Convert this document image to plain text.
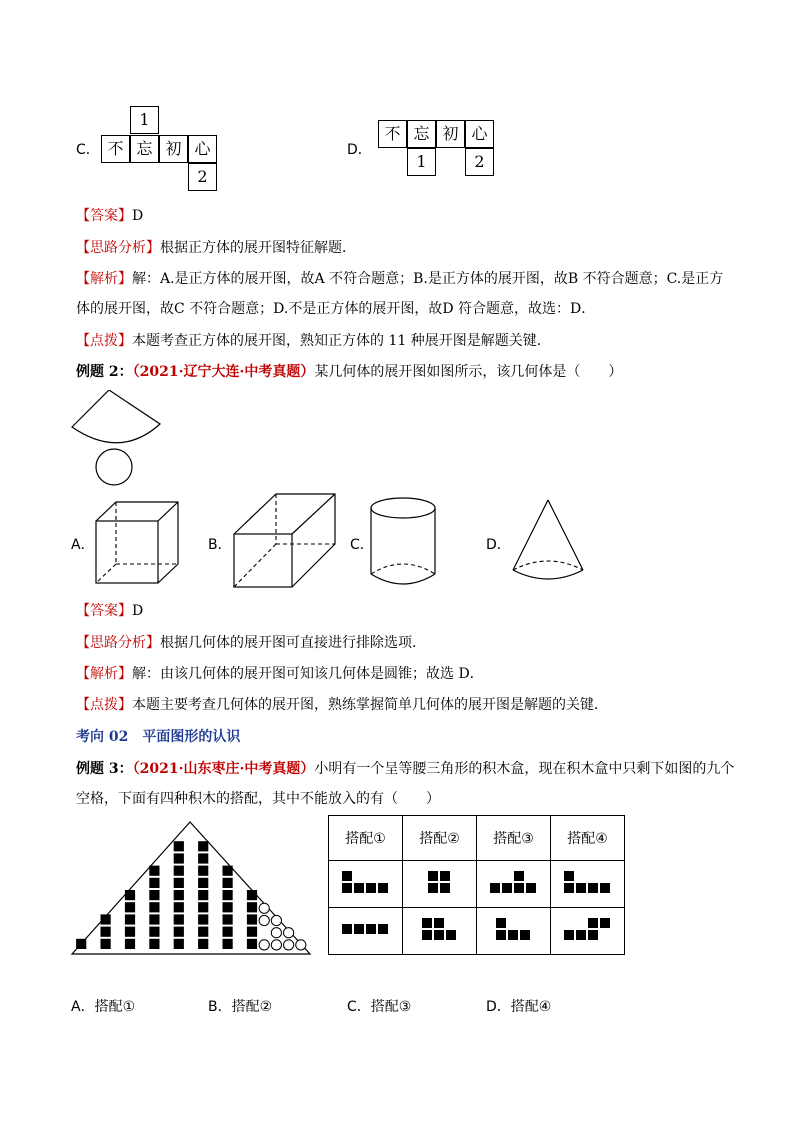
C．
1
不 忘 初 心
2
D．
不 忘 初 心
1	2
【答案】D
【思路分析】根据正方体的展开图特征解题．
【解析】解：A.是正方体的展开图，故A 不符合题意；B.是正方体的展开图，故B 不符合题意；C.是正方
体的展开图，故C 不符合题意；D.不是正方体的展开图，故D 符合题意，故选：D．
【点拨】本题考查正方体的展开图，熟知正方体的 11 种展开图是解题关键．
例题 2：（2021·辽宁大连·中考真题）某几何体的展开图如图所示，该几何体是（　　）
A．	B．	C．	D．
【答案】D
【思路分析】根据几何体的展开图可直接进行排除选项．
【解析】解：由该几何体的展开图可知该几何体是圆锥；故选 D．
【点拨】本题主要考查几何体的展开图，熟练掌握简单几何体的展开图是解题的关键．
考向 02　平面图形的认识
例题 3：（2021·山东枣庄·中考真题）小明有一个呈等腰三角形的积木盒，现在积木盒中只剩下如图的九个
空格，下面有四种积木的搭配，其中不能放入的有（　　）
搭配①	搭配②	搭配③	搭配④

A．搭配①	B．搭配②	C．搭配③	D．搭配④
